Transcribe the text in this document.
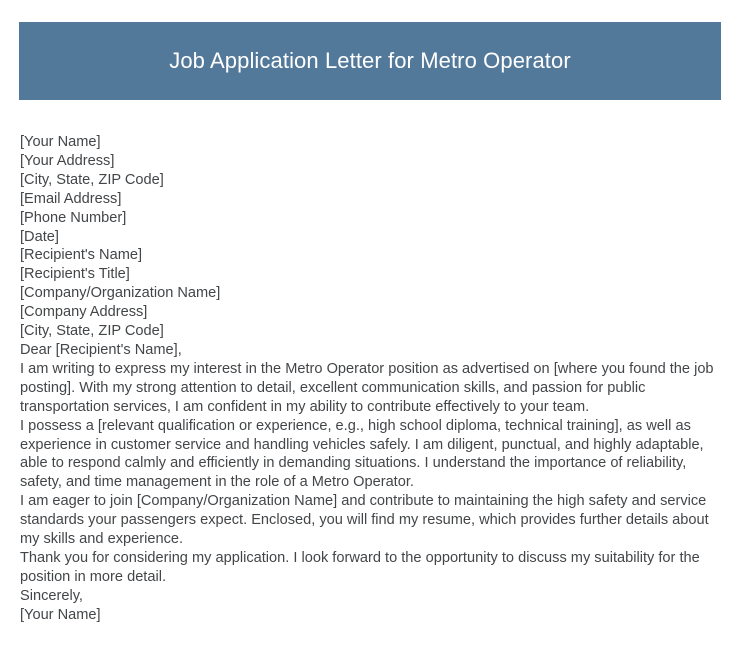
Job Application Letter for Metro Operator

[Your Name]

[Your Address]

[City, State, ZIP Code]

[Email Address]

[Phone Number]

[Date]

[Recipient's Name]

[Recipient's Title]

[Company/Organization Name]

[Company Address]

[City, State, ZIP Code]

Dear [Recipient's Name],

I am writing to express my interest in the Metro Operator position as advertised on [where you found the job posting]. With my strong attention to detail, excellent communication skills, and passion for public transportation services, I am confident in my ability to contribute effectively to your team.

I possess a [relevant qualification or experience, e.g., high school diploma, technical training], as well as experience in customer service and handling vehicles safely. I am diligent, punctual, and highly adaptable, able to respond calmly and efficiently in demanding situations. I understand the importance of reliability, safety, and time management in the role of a Metro Operator.

I am eager to join [Company/Organization Name] and contribute to maintaining the high safety and service standards your passengers expect. Enclosed, you will find my resume, which provides further details about my skills and experience.

Thank you for considering my application. I look forward to the opportunity to discuss my suitability for the position in more detail.

Sincerely,

[Your Name]
